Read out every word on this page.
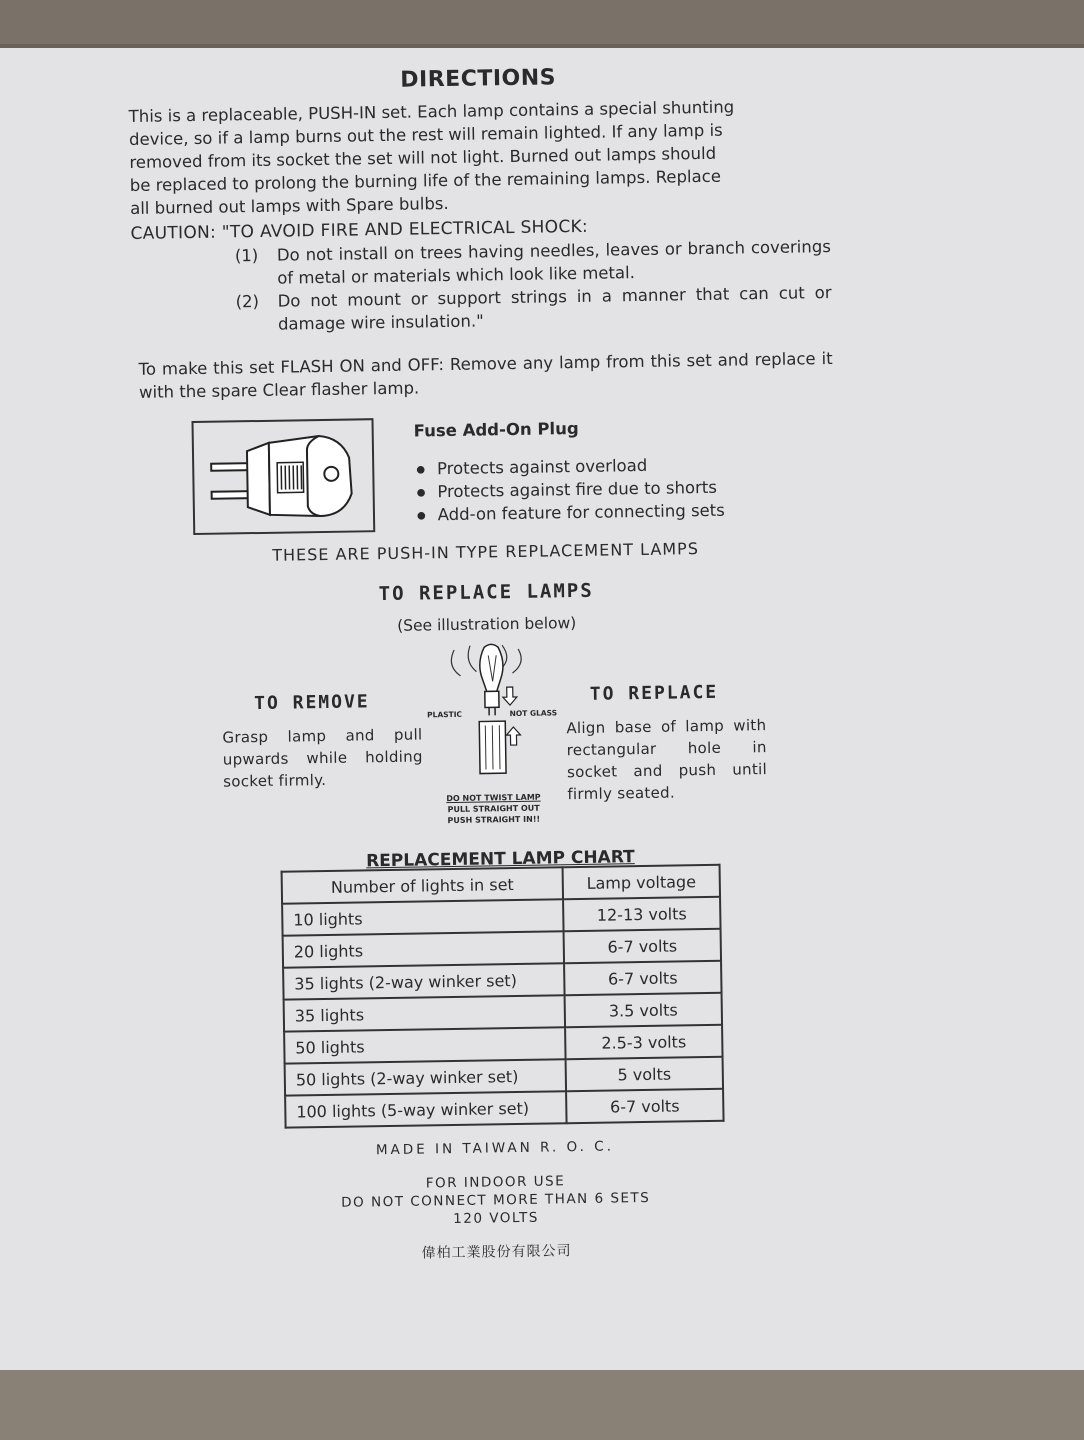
DIRECTIONS
This is a replaceable, PUSH-IN set. Each lamp contains a special shunting
device, so if a lamp burns out the rest will remain lighted. If any lamp is
removed from its socket the set will not light. Burned out lamps should
be replaced to prolong the burning life of the remaining lamps. Replace
all burned out lamps with Spare bulbs.
CAUTION: "TO AVOID FIRE AND ELECTRICAL SHOCK:
(1)	Do not install on trees having needles, leaves or branch coverings of metal or materials which look like metal.
(2)	Do not mount or support strings in a manner that can cut or damage wire insulation."
To make this set FLASH ON and OFF: Remove any lamp from this set and replace it with the spare Clear flasher lamp.
Fuse Add-On Plug
● Protects against overload
● Protects against fire due to shorts
● Add-on feature for connecting sets
THESE ARE PUSH-IN TYPE REPLACEMENT LAMPS
TO REPLACE LAMPS
(See illustration below)
TO REMOVE
Grasp lamp and pull upwards while holding socket firmly.
PLASTIC	NOT GLASS
DO NOT TWIST LAMP
PULL STRAIGHT OUT
PUSH STRAIGHT IN!!
TO REPLACE
Align base of lamp with rectangular hole in socket and push until firmly seated.
REPLACEMENT LAMP CHART
Number of lights in set	Lamp voltage
10 lights	12-13 volts
20 lights	6-7 volts
35 lights (2-way winker set)	6-7 volts
35 lights	3.5 volts
50 lights	2.5-3 volts
50 lights (2-way winker set)	5 volts
100 lights (5-way winker set)	6-7 volts
MADE IN TAIWAN R. O. C.
FOR INDOOR USE
DO NOT CONNECT MORE THAN 6 SETS
120 VOLTS
偉柏工業股份有限公司
